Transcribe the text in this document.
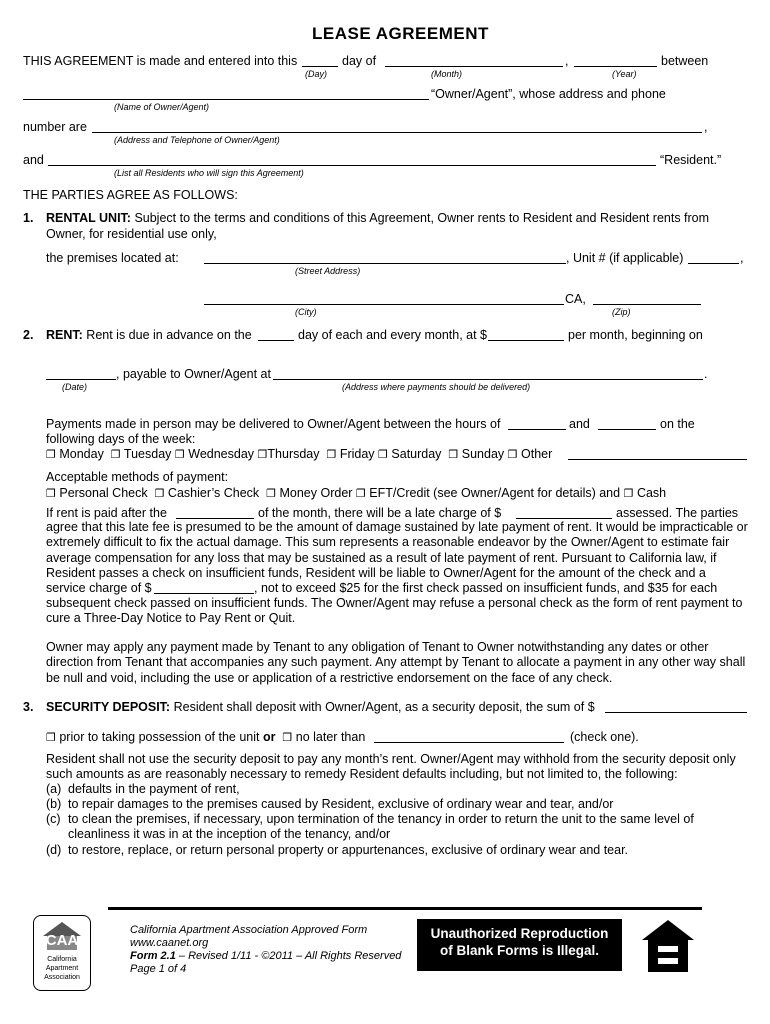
LEASE AGREEMENT
THIS AGREEMENT is made and entered into this	day of	,	between
(Day)	(Month)	(Year)
“Owner/Agent”, whose address and phone
(Name of Owner/Agent)
number are	,
(Address and Telephone of Owner/Agent)
and	“Resident.”
(List all Residents who will sign this Agreement)
THE PARTIES AGREE AS FOLLOWS:
1. RENTAL UNIT: Subject to the terms and conditions of this Agreement, Owner rents to Resident and Resident rents from
Owner, for residential use only,
the premises located at:	, Unit # (if applicable)	,
(Street Address)
CA,
(City)	(Zip)
2. RENT: Rent is due in advance on the	day of each and every month, at $	per month, beginning on
, payable to Owner/Agent at	.
(Date)	(Address where payments should be delivered)
Payments made in person may be delivered to Owner/Agent between the hours of	and	on the
following days of the week:
❐ Monday ❐ Tuesday ❐ Wednesday ❐Thursday ❐ Friday ❐ Saturday ❐ Sunday ❐ Other
Acceptable methods of payment:
❐ Personal Check ❐ Cashier’s Check ❐ Money Order ❐ EFT/Credit (see Owner/Agent for details) and ❐ Cash
If rent is paid after the	of the month, there will be a late charge of $	assessed. The parties
agree that this late fee is presumed to be the amount of damage sustained by late payment of rent. It would be impracticable or extremely difficult to fix the actual damage. This sum represents a reasonable endeavor by the Owner/Agent to estimate fair average compensation for any loss that may be sustained as a result of late payment of rent. Pursuant to California law, if Resident passes a check on insufficient funds, Resident will be liable to Owner/Agent for the amount of the check and a
service charge of $	, not to exceed $25 for the first check passed on insufficient funds, and $35 for each
subsequent check passed on insufficient funds. The Owner/Agent may refuse a personal check as the form of rent payment to cure a Three-Day Notice to Pay Rent or Quit.
Owner may apply any payment made by Tenant to any obligation of Tenant to Owner notwithstanding any dates or other direction from Tenant that accompanies any such payment. Any attempt by Tenant to allocate a payment in any other way shall be null and void, including the use or application of a restrictive endorsement on the face of any check.
3. SECURITY DEPOSIT: Resident shall deposit with Owner/Agent, as a security deposit, the sum of $
❐ prior to taking possession of the unit or ❐ no later than	(check one).
Resident shall not use the security deposit to pay any month’s rent. Owner/Agent may withhold from the security deposit only such amounts as are reasonably necessary to remedy Resident defaults including, but not limited to, the following:
(a) defaults in the payment of rent,
(b) to repair damages to the premises caused by Resident, exclusive of ordinary wear and tear, and/or
(c) to clean the premises, if necessary, upon termination of the tenancy in order to return the unit to the same level of cleanliness it was in at the inception of the tenancy, and/or
(d) to restore, replace, or return personal property or appurtenances, exclusive of ordinary wear and tear.
CAA
California
Apartment
Association
California Apartment Association Approved Form
www.caanet.org
Form 2.1 – Revised 1/11 - ©2011 – All Rights Reserved
Page 1 of 4
Unauthorized Reproduction
of Blank Forms is Illegal.
